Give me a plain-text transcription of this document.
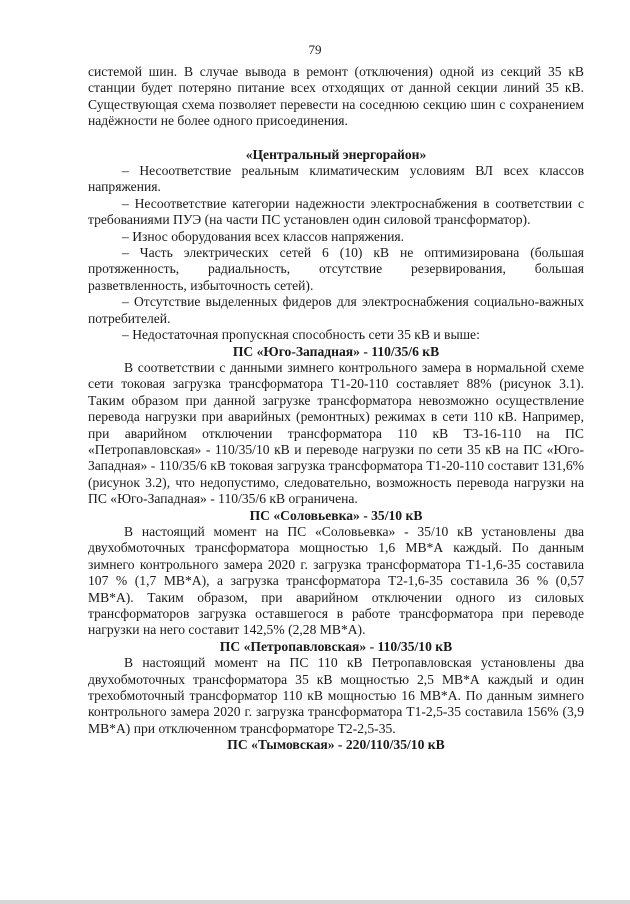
79

системой шин. В случае вывода в ремонт (отключения) одной из секций 35 кВ станции будет потеряно питание всех отходящих от данной секции линий 35 кВ. Существующая схема позволяет перевести на соседнюю секцию шин с сохранением надёжности не более одного присоединения.

«Центральный энергорайон»

– Несоответствие реальным климатическим условиям ВЛ всех классов напряжения.

– Несоответствие категории надежности электроснабжения в соответствии с требованиями ПУЭ (на части ПС установлен один силовой трансформатор).

– Износ оборудования всех классов напряжения.

– Часть электрических сетей 6 (10) кВ не оптимизирована (большая протяженность, радиальность, отсутствие резервирования, большая разветвленность, избыточность сетей).

– Отсутствие выделенных фидеров для электроснабжения социально-важных потребителей.

– Недостаточная пропускная способность сети 35 кВ и выше:

ПС «Юго-Западная» - 110/35/6 кВ

В соответствии с данными зимнего контрольного замера в нормальной схеме сети токовая загрузка трансформатора Т1-20-110 составляет 88% (рисунок 3.1). Таким образом при данной загрузке трансформатора невозможно осуществление перевода нагрузки при аварийных (ремонтных) режимах в сети 110 кВ. Например, при аварийном отключении трансформатора 110 кВ Т3-16-110 на ПС «Петропавловская» - 110/35/10 кВ и переводе нагрузки по сети 35 кВ на ПС «Юго-Западная» - 110/35/6 кВ токовая загрузка трансформатора Т1-20-110 составит 131,6% (рисунок 3.2), что недопустимо, следовательно, возможность перевода нагрузки на ПС «Юго-Западная» - 110/35/6 кВ ограничена.

ПС «Соловьевка» - 35/10 кВ

В настоящий момент на ПС «Соловьевка» - 35/10 кВ установлены два двухобмоточных трансформатора мощностью 1,6 МВ*А каждый. По данным зимнего контрольного замера 2020 г. загрузка трансформатора Т1-1,6-35 составила 107 % (1,7 МВ*А), а загрузка трансформатора Т2-1,6-35 составила 36 % (0,57 МВ*А). Таким образом, при аварийном отключении одного из силовых трансформаторов загрузка оставшегося в работе трансформатора при переводе нагрузки на него составит 142,5% (2,28 МВ*А).

ПС «Петропавловская» - 110/35/10 кВ

В настоящий момент на ПС 110 кВ Петропавловская установлены два двухобмоточных трансформатора 35 кВ мощностью 2,5 МВ*А каждый и один трехобмоточный трансформатор 110 кВ мощностью 16 МВ*А. По данным зимнего контрольного замера 2020 г. загрузка трансформатора Т1-2,5-35 составила 156% (3,9 МВ*А) при отключенном трансформаторе Т2-2,5-35.

ПС «Тымовская» - 220/110/35/10 кВ
